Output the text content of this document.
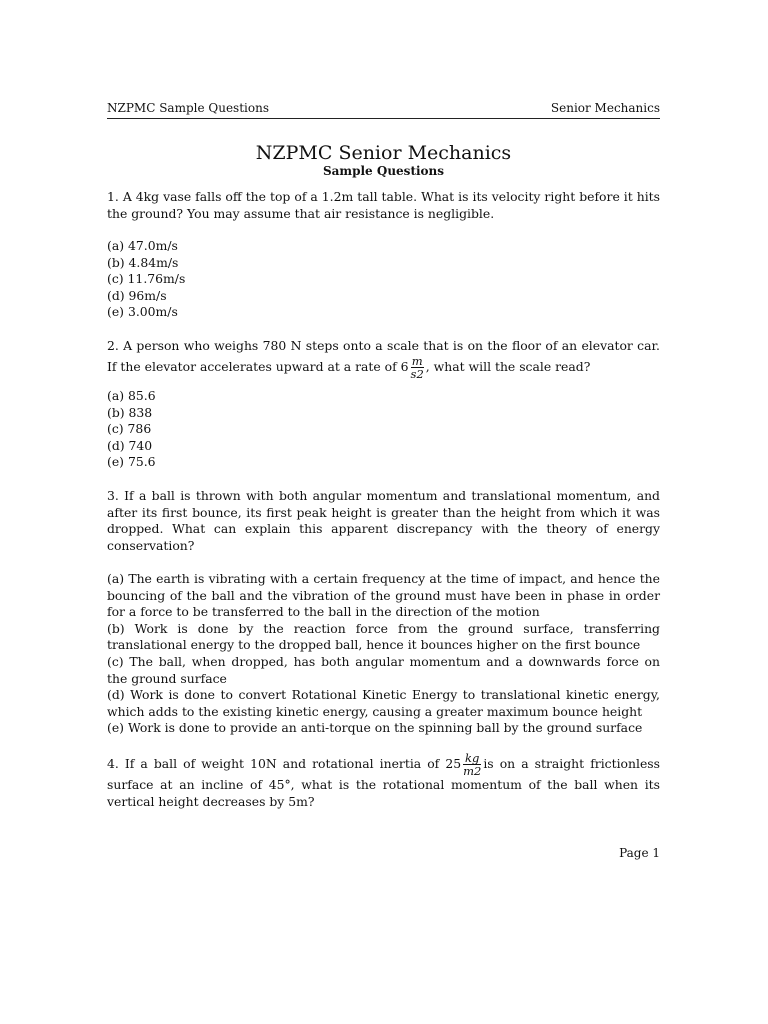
NZPMC Sample Questions	Senior Mechanics
NZPMC Senior Mechanics
Sample Questions

1. A 4kg vase falls off the top of a 1.2m tall table. What is its velocity right before it hits the ground? You may assume that air resistance is negligible.

(a) 47.0m/s
(b) 4.84m/s
(c) 11.76m/s
(d) 96m/s
(e) 3.00m/s

2. A person who weighs 780 N steps onto a scale that is on the floor of an elevator car. If the elevator accelerates upward at a rate of $6 \frac{m}{s2}$ , what will the scale read?

(a) 85.6
(b) 838
(c) 786
(d) 740
(e) 75.6

3. If a ball is thrown with both angular momentum and translational momentum, and after its first bounce, its first peak height is greater than the height from which it was dropped. What can explain this apparent discrepancy with the theory of energy conservation?

(a) The earth is vibrating with a certain frequency at the time of impact, and hence the bouncing of the ball and the vibration of the ground must have been in phase in order for a force to be transferred to the ball in the direction of the motion
(b) Work is done by the reaction force from the ground surface, transferring translational energy to the dropped ball, hence it bounces higher on the first bounce
(c) The ball, when dropped, has both angular momentum and a downwards force on the ground surface
(d) Work is done to convert Rotational Kinetic Energy to translational kinetic energy, which adds to the existing kinetic energy, causing a greater maximum bounce height
(e) Work is done to provide an anti-torque on the spinning ball by the ground surface

4. If a ball of weight 10N and rotational inertia of $25 \frac{kg}{m2}$ is on a straight frictionless surface at an incline of 45°, what is the rotational momentum of the ball when its vertical height decreases by 5m?

Page 1
